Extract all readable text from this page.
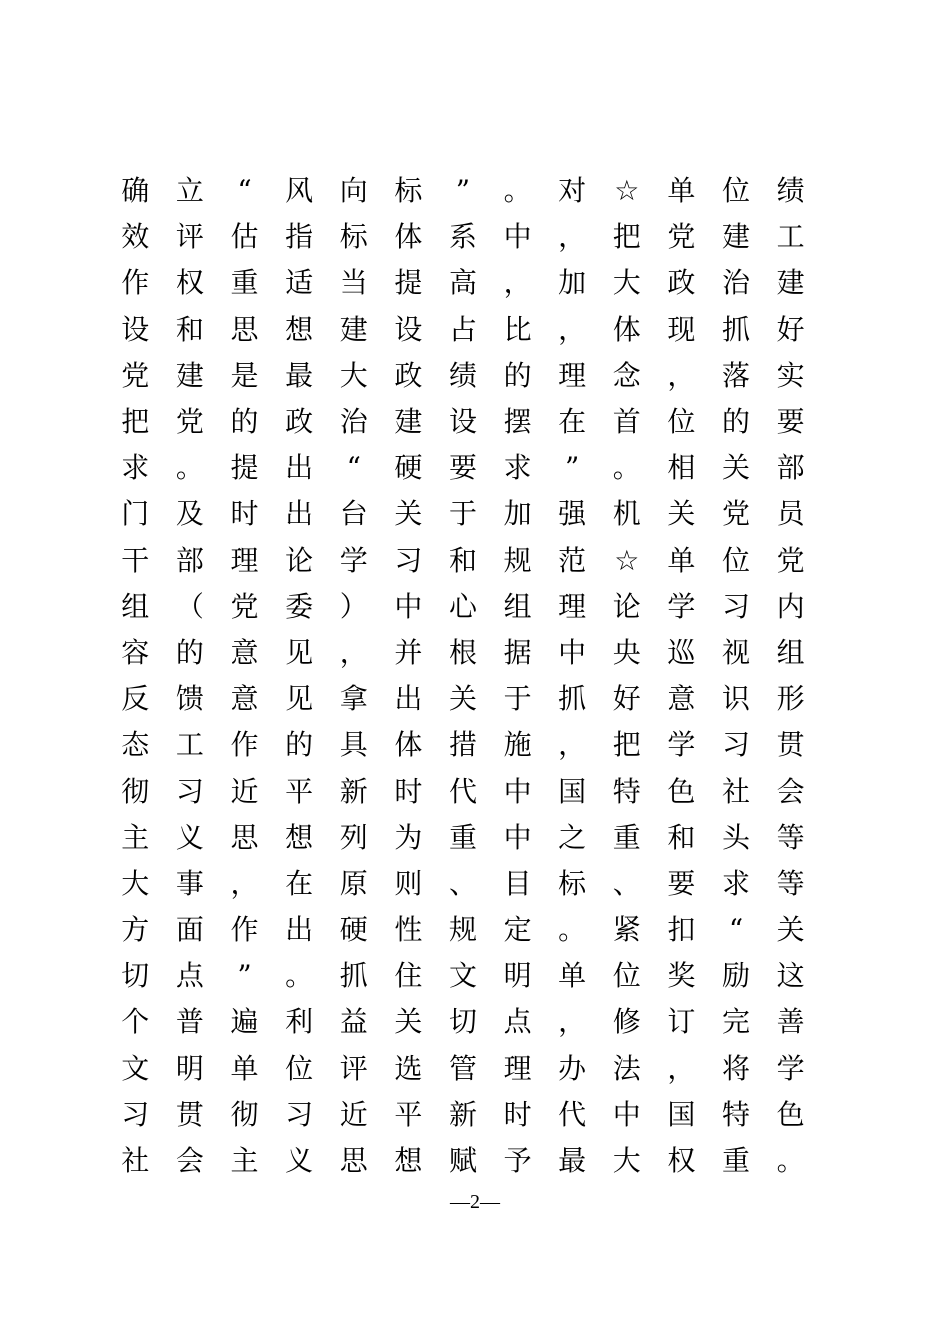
确 立	“	风 向 标	”	。 对	☆	单 位 绩
效 评 估 指 标 体 系 中 ， 把 党 建 工
作 权 重 适 当 提 高 ， 加 大 政 治 建
设 和 思 想 建 设 占 比 ， 体 现 抓 好
党 建 是 最 大 政 绩 的 理 念 ， 落 实
把 党 的 政 治 建 设 摆 在 首 位 的 要
求 。 提 出	“	硬 要 求	”	。 相 关 部
门 及 时 出 台 关 于 加 强 机 关 党 员
干 部 理 论 学 习 和 规 范	☆	单 位 党
组 （ 党 委 ） 中 心 组 理 论 学 习 内
容 的 意 见 ， 并 根 据 中 央 巡 视 组
反 馈 意 见 拿 出 关 于 抓 好 意 识 形
态 工 作 的 具 体 措 施 ， 把 学 习 贯
彻 习 近 平 新 时 代 中 国 特 色 社 会
主 义 思 想 列 为 重 中 之 重 和 头 等
大 事 ， 在 原 则 、 目 标 、 要 求 等
方 面 作 出 硬 性 规 定 。 紧 扣	“	关
切 点	”	。 抓 住 文 明 单 位 奖 励 这
个 普 遍 利 益 关 切 点 ， 修 订 完 善
文 明 单 位 评 选 管 理 办 法 ， 将 学
习 贯 彻 习 近 平 新 时 代 中 国 特 色
社 会 主 义 思 想 赋 予 最 大 权 重 。
—2—
